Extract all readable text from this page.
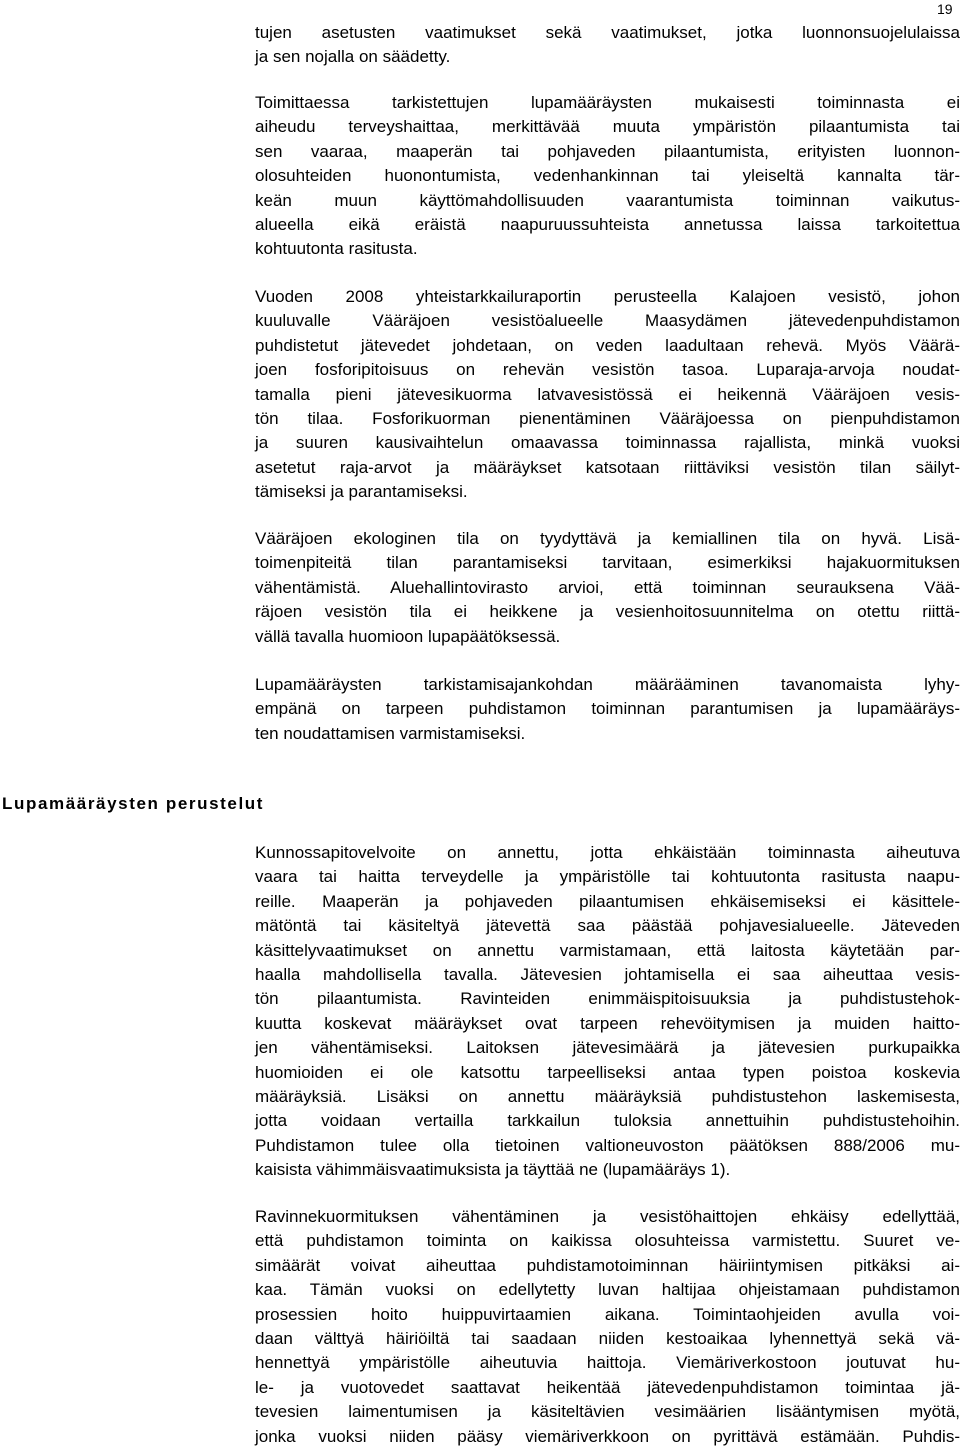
19

tujen asetusten vaatimukset sekä vaatimukset, jotka luonnonsuojelulaissa
ja sen nojalla on säädetty.

Toimittaessa tarkistettujen lupamääräysten mukaisesti toiminnasta ei
aiheudu terveyshaittaa, merkittävää muuta ympäristön pilaantumista tai
sen vaaraa, maaperän tai pohjaveden pilaantumista, erityisten luonnon-
olosuhteiden huonontumista, vedenhankinnan tai yleiseltä kannalta tär-
keän muun käyttömahdollisuuden vaarantumista toiminnan vaikutus-
alueella eikä eräistä naapuruussuhteista annetussa laissa tarkoitettua
kohtuutonta rasitusta.

Vuoden 2008 yhteistarkkailuraportin perusteella Kalajoen vesistö, johon
kuuluvalle Vääräjoen vesistöalueelle Maasydämen jätevedenpuhdistamon
puhdistetut jätevedet johdetaan, on veden laadultaan rehevä. Myös Väärä-
joen fosforipitoisuus on rehevän vesistön tasoa. Luparaja-arvoja noudat-
tamalla pieni jätevesikuorma latvavesistössä ei heikennä Vääräjoen vesis-
tön tilaa. Fosforikuorman pienentäminen Vääräjoessa on pienpuhdistamon
ja suuren kausivaihtelun omaavassa toiminnassa rajallista, minkä vuoksi
asetetut raja-arvot ja määräykset katsotaan riittäviksi vesistön tilan säilyt-
tämiseksi ja parantamiseksi.

Vääräjoen ekologinen tila on tyydyttävä ja kemiallinen tila on hyvä. Lisä-
toimenpiteitä tilan parantamiseksi tarvitaan, esimerkiksi hajakuormituksen
vähentämistä. Aluehallintovirasto arvioi, että toiminnan seurauksena Vää-
räjoen vesistön tila ei heikkene ja vesienhoitosuunnitelma on otettu riittä-
vällä tavalla huomioon lupapäätöksessä.

Lupamääräysten tarkistamisajankohdan määrääminen tavanomaista lyhy-
empänä on tarpeen puhdistamon toiminnan parantumisen ja lupamääräys-
ten noudattamisen varmistamiseksi.

Lupamääräysten perustelut

Kunnossapitovelvoite on annettu, jotta ehkäistään toiminnasta aiheutuva
vaara tai haitta terveydelle ja ympäristölle tai kohtuutonta rasitusta naapu-
reille. Maaperän ja pohjaveden pilaantumisen ehkäisemiseksi ei käsittele-
mätöntä tai käsiteltyä jätevettä saa päästää pohjavesialueelle. Jäteveden
käsittelyvaatimukset on annettu varmistamaan, että laitosta käytetään par-
haalla mahdollisella tavalla. Jätevesien johtamisella ei saa aiheuttaa vesis-
tön pilaantumista. Ravinteiden enimmäispitoisuuksia ja puhdistustehok-
kuutta koskevat määräykset ovat tarpeen rehevöitymisen ja muiden haitto-
jen vähentämiseksi. Laitoksen jätevesimäärä ja jätevesien purkupaikka
huomioiden ei ole katsottu tarpeelliseksi antaa typen poistoa koskevia
määräyksiä. Lisäksi on annettu määräyksiä puhdistustehon laskemisesta,
jotta voidaan vertailla tarkkailun tuloksia annettuihin puhdistustehoihin.
Puhdistamon tulee olla tietoinen valtioneuvoston päätöksen 888/2006 mu-
kaisista vähimmäisvaatimuksista ja täyttää ne (lupamääräys 1).

Ravinnekuormituksen vähentäminen ja vesistöhaittojen ehkäisy edellyttää,
että puhdistamon toiminta on kaikissa olosuhteissa varmistettu. Suuret ve-
simäärät voivat aiheuttaa puhdistamotoiminnan häiriintymisen pitkäksi ai-
kaa. Tämän vuoksi on edellytetty luvan haltijaa ohjeistamaan puhdistamon
prosessien hoito huippuvirtaamien aikana. Toimintaohjeiden avulla voi-
daan välttyä häiriöiltä tai saadaan niiden kestoaikaa lyhennettyä sekä vä-
hennettyä ympäristölle aiheutuvia haittoja. Viemäriverkostoon joutuvat hu-
le- ja vuotovedet saattavat heikentää jätevedenpuhdistamon toimintaa jä-
tevesien laimentumisen ja käsiteltävien vesimäärien lisääntymisen myötä,
jonka vuoksi niiden pääsy viemäriverkkoon on pyrittävä estämään. Puhdis-
